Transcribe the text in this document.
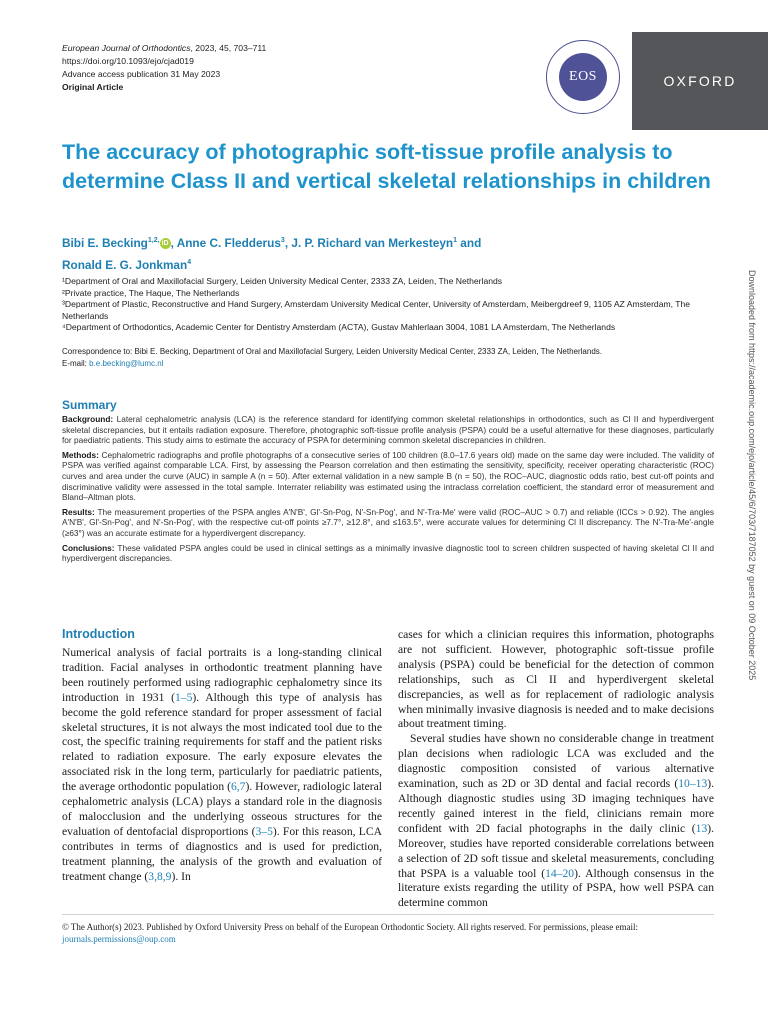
European Journal of Orthodontics, 2023, 45, 703–711
https://doi.org/10.1093/ejo/cjad019
Advance access publication 31 May 2023
Original Article
EOS	OXFORD
The accuracy of photographic soft-tissue profile analysis to determine Class II and vertical skeletal relationships in children
Bibi E. Becking$^{1,2,}$ iD , Anne C. Fledderus$^3$, J. P. Richard van Merkesteyn$^1$ and
Ronald E. G. Jonkman$^4$
¹Department of Oral and Maxillofacial Surgery, Leiden University Medical Center, 2333 ZA, Leiden, The Netherlands
²Private practice, The Haque, The Netherlands
³Department of Plastic, Reconstructive and Hand Surgery, Amsterdam University Medical Center, University of Amsterdam, Meibergdreef 9, 1105 AZ Amsterdam, The Netherlands
⁴Department of Orthodontics, Academic Center for Dentistry Amsterdam (ACTA), Gustav Mahlerlaan 3004, 1081 LA Amsterdam, The Netherlands
Correspondence to: Bibi E. Becking, Department of Oral and Maxillofacial Surgery, Leiden University Medical Center, 2333 ZA, Leiden, The Netherlands.
E-mail: b.e.becking@lumc.nl
Summary

Background: Lateral cephalometric analysis (LCA) is the reference standard for identifying common skeletal relationships in orthodontics, such as Cl II and hyperdivergent skeletal discrepancies, but it entails radiation exposure. Therefore, photographic soft-tissue profile analysis (PSPA) could be a useful alternative for these diagnoses, particularly for paediatric patients. This study aims to estimate the accuracy of PSPA for determining common skeletal discrepancies in children.

Methods: Cephalometric radiographs and profile photographs of a consecutive series of 100 children (8.0–17.6 years old) made on the same day were included. The validity of PSPA was verified against comparable LCA. First, by assessing the Pearson correlation and then estimating the sensitivity, specificity, receiver operating characteristic (ROC) curves and area under the curve (AUC) in sample A (n = 50). After external validation in a new sample B (n = 50), the ROC–AUC, diagnostic odds ratio, best cut-off points and discriminative validity were assessed in the total sample. Interrater reliability was estimated using the intraclass correlation coefficient, the standard error of measurement and Bland–Altman plots.

Results: The measurement properties of the PSPA angles A'N'B', Gl'-Sn-Pog, N'-Sn-Pog', and N'-Tra-Me' were valid (ROC–AUC > 0.7) and reliable (ICCs > 0.92). The angles A'N'B', Gl'-Sn-Pog', and N'-Sn-Pog', with the respective cut-off points ≥7.7°, ≥12.8°, and ≤163.5°, were accurate values for determining Cl II discrepancy. The N'-Tra-Me'-angle (≥63°) was an accurate estimate for a hyperdivergent discrepancy.

Conclusions: These validated PSPA angles could be used in clinical settings as a minimally invasive diagnostic tool to screen children suspected of having skeletal Cl II and hyperdivergent discrepancies.

Introduction

Numerical analysis of facial portraits is a long-standing clinical tradition. Facial analyses in orthodontic treatment planning have been routinely performed using radiographic cephalometry since its introduction in 1931 (1–5). Although this type of analysis has become the gold reference standard for proper assessment of facial skeletal structures, it is not always the most indicated tool due to the cost, the specific training requirements for staff and the patient risks related to radiation exposure. The early exposure elevates the associated risk in the long term, particularly for paediatric patients, the average orthodontic population (6,7). However, radiologic lateral cephalometric analysis (LCA) plays a standard role in the diagnosis of malocclusion and the underlying osseous structures for the evaluation of dentofacial disproportions (3–5). For this reason, LCA contributes in terms of diagnostics and is used for prediction, treatment planning, the analysis of the growth and evaluation of treatment change (3,8,9). In

cases for which a clinician requires this information, photographs are not sufficient. However, photographic soft-tissue profile analysis (PSPA) could be beneficial for the detection of common relationships, such as Cl II and hyperdivergent skeletal discrepancies, as well as for replacement of radiologic analysis when minimally invasive diagnosis is needed and to make decisions about treatment timing.

Several studies have shown no considerable change in treatment plan decisions when radiologic LCA was excluded and the diagnostic composition consisted of various alternative examination, such as 2D or 3D dental and facial records (10–13). Although diagnostic studies using 3D imaging techniques have recently gained interest in the field, clinicians remain more confident with 2D facial photographs in the daily clinic (13). Moreover, studies have reported considerable correlations between a selection of 2D soft tissue and skeletal measurements, concluding that PSPA is a valuable tool (14–20). Although consensus in the literature exists regarding the utility of PSPA, how well PSPA can determine common

© The Author(s) 2023. Published by Oxford University Press on behalf of the European Orthodontic Society. All rights reserved. For permissions, please email: journals.permissions@oup.com
Downloaded from https://academic.oup.com/ejo/article/45/6/703/7187052 by guest on 09 October 2025
